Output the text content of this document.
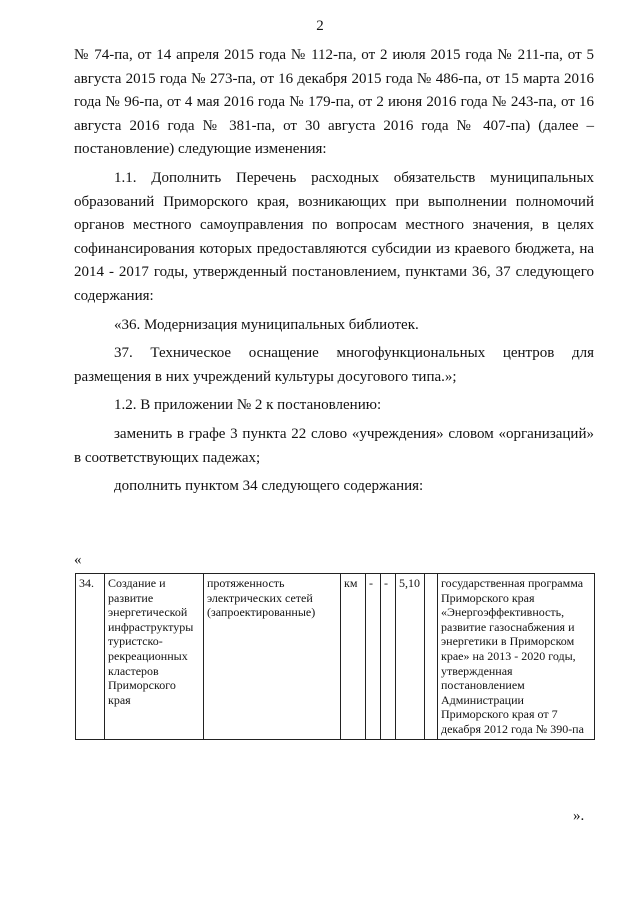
2

№ 74-па, от 14 апреля 2015 года № 112-па, от 2 июля 2015 года № 211-па, от 5 августа 2015 года № 273-па, от 16 декабря 2015 года № 486-па, от 15 марта 2016 года № 96-па, от 4 мая 2016 года № 179-па, от 2 июня 2016 года № 243-па, от 16 августа 2016 года № 381-па, от 30 августа 2016 года № 407-па) (далее – постановление) следующие изменения:

1.1. Дополнить Перечень расходных обязательств муниципальных образований Приморского края, возникающих при выполнении полномочий органов местного самоуправления по вопросам местного значения, в целях софинансирования которых предоставляются субсидии из краевого бюджета, на 2014 - 2017 годы, утвержденный постановлением, пунктами 36, 37 следующего содержания:

«36. Модернизация муниципальных библиотек.

37. Техническое оснащение многофункциональных центров для размещения в них учреждений культуры досугового типа.»;

1.2. В приложении № 2 к постановлению:

заменить в графе 3 пункта 22 слово «учреждения» словом «организаций» в соответствующих падежах;

дополнить пунктом 34 следующего содержания:

«
34.	Создание и развитие энергетической инфраструктуры туристско-рекреационных кластеров Приморского края	протяженность электрических сетей (запроектированные)	км	-	-	5,10		государственная программа Приморского края «Энергоэффективность, развитие газоснабжения и энергетики в Приморском крае» на 2013 - 2020 годы, утвержденная постановлением Администрации Приморского края от 7 декабря 2012 года № 390-па
».
